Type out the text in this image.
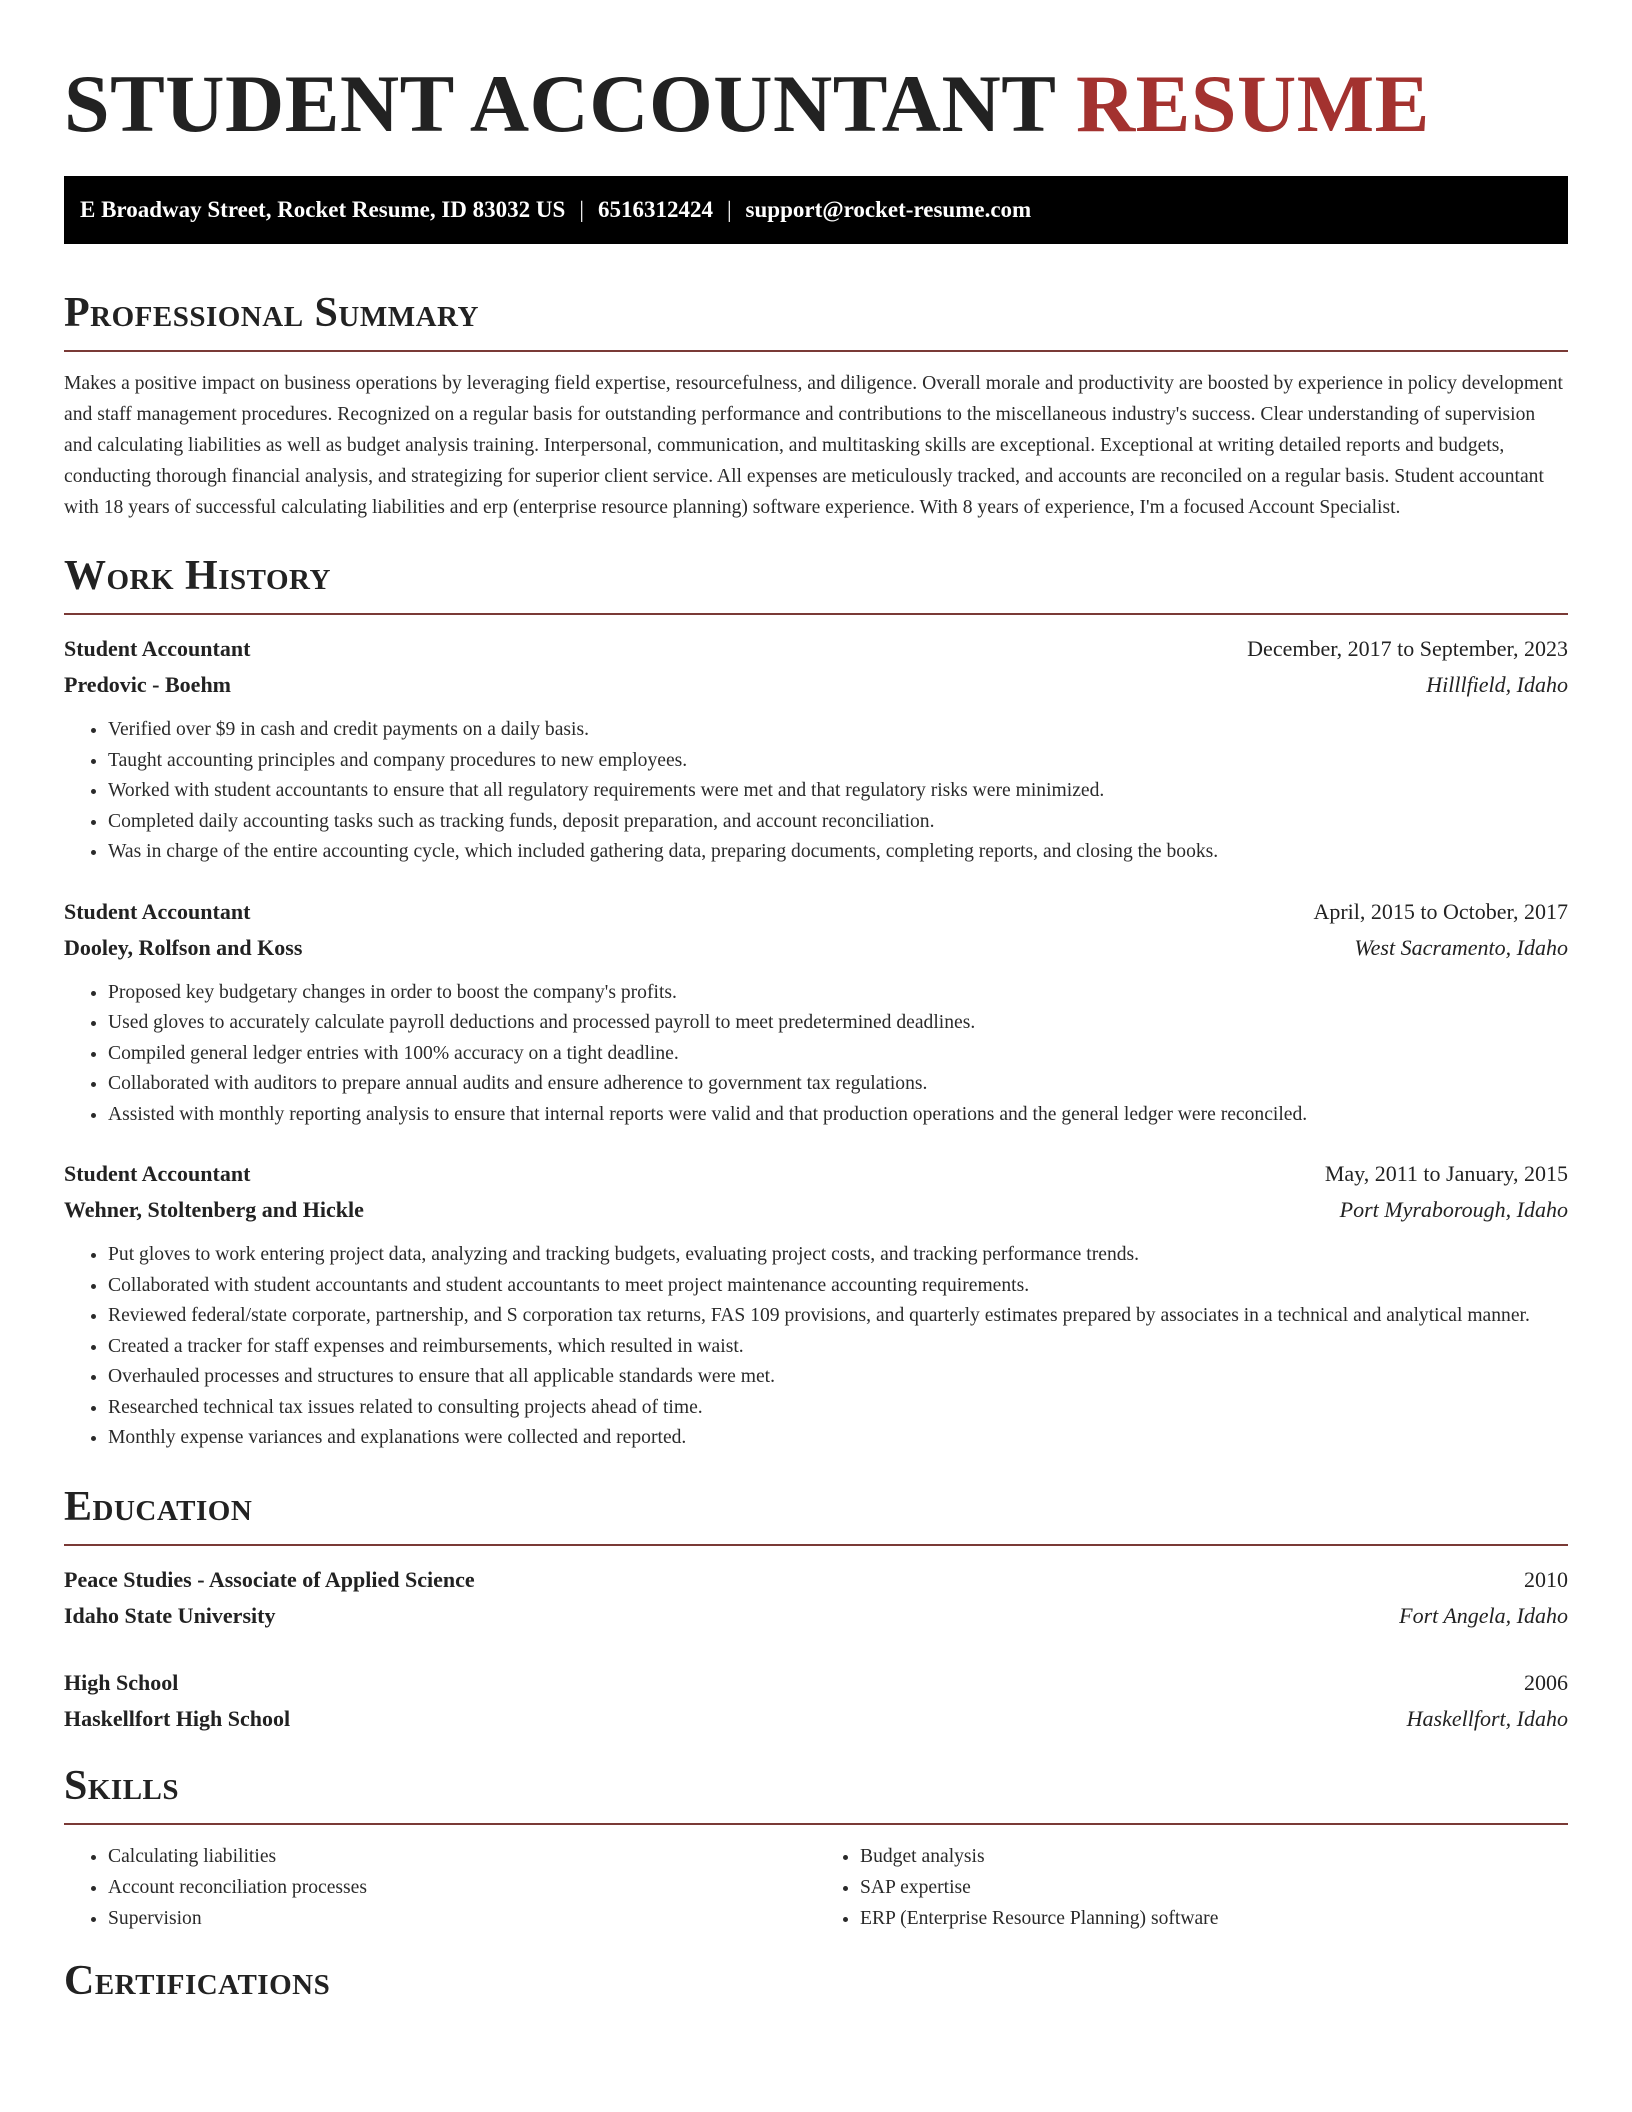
STUDENT ACCOUNTANT RESUME
E Broadway Street, Rocket Resume, ID 83032 US | 6516312424 | support@rocket-resume.com
Professional Summary

Makes a positive impact on business operations by leveraging field expertise, resourcefulness, and diligence. Overall morale and productivity are boosted by experience in policy development and staff management procedures. Recognized on a regular basis for outstanding performance and contributions to the miscellaneous industry's success. Clear understanding of supervision and calculating liabilities as well as budget analysis training. Interpersonal, communication, and multitasking skills are exceptional. Exceptional at writing detailed reports and budgets, conducting thorough financial analysis, and strategizing for superior client service. All expenses are meticulously tracked, and accounts are reconciled on a regular basis. Student accountant with 18 years of successful calculating liabilities and erp (enterprise resource planning) software experience. With 8 years of experience, I'm a focused Account Specialist.

Work History
Student Accountant	December, 2017 to September, 2023
Predovic - Boehm	Hilllfield, Idaho
• Verified over $9 in cash and credit payments on a daily basis.
• Taught accounting principles and company procedures to new employees.
• Worked with student accountants to ensure that all regulatory requirements were met and that regulatory risks were minimized.
• Completed daily accounting tasks such as tracking funds, deposit preparation, and account reconciliation.
• Was in charge of the entire accounting cycle, which included gathering data, preparing documents, completing reports, and closing the books.
Student Accountant	April, 2015 to October, 2017
Dooley, Rolfson and Koss	West Sacramento, Idaho
• Proposed key budgetary changes in order to boost the company's profits.
• Used gloves to accurately calculate payroll deductions and processed payroll to meet predetermined deadlines.
• Compiled general ledger entries with 100% accuracy on a tight deadline.
• Collaborated with auditors to prepare annual audits and ensure adherence to government tax regulations.
• Assisted with monthly reporting analysis to ensure that internal reports were valid and that production operations and the general ledger were reconciled.
Student Accountant	May, 2011 to January, 2015
Wehner, Stoltenberg and Hickle	Port Myraborough, Idaho
• Put gloves to work entering project data, analyzing and tracking budgets, evaluating project costs, and tracking performance trends.
• Collaborated with student accountants and student accountants to meet project maintenance accounting requirements.
• Reviewed federal/state corporate, partnership, and S corporation tax returns, FAS 109 provisions, and quarterly estimates prepared by associates in a technical and analytical manner.
• Created a tracker for staff expenses and reimbursements, which resulted in waist.
• Overhauled processes and structures to ensure that all applicable standards were met.
• Researched technical tax issues related to consulting projects ahead of time.
• Monthly expense variances and explanations were collected and reported.
Education
Peace Studies - Associate of Applied Science	2010
Idaho State University	Fort Angela, Idaho
High School	2006
Haskellfort High School	Haskellfort, Idaho
Skills
• Calculating liabilities
• Account reconciliation processes
• Supervision
• Budget analysis
• SAP expertise
• ERP (Enterprise Resource Planning) software
Certifications
